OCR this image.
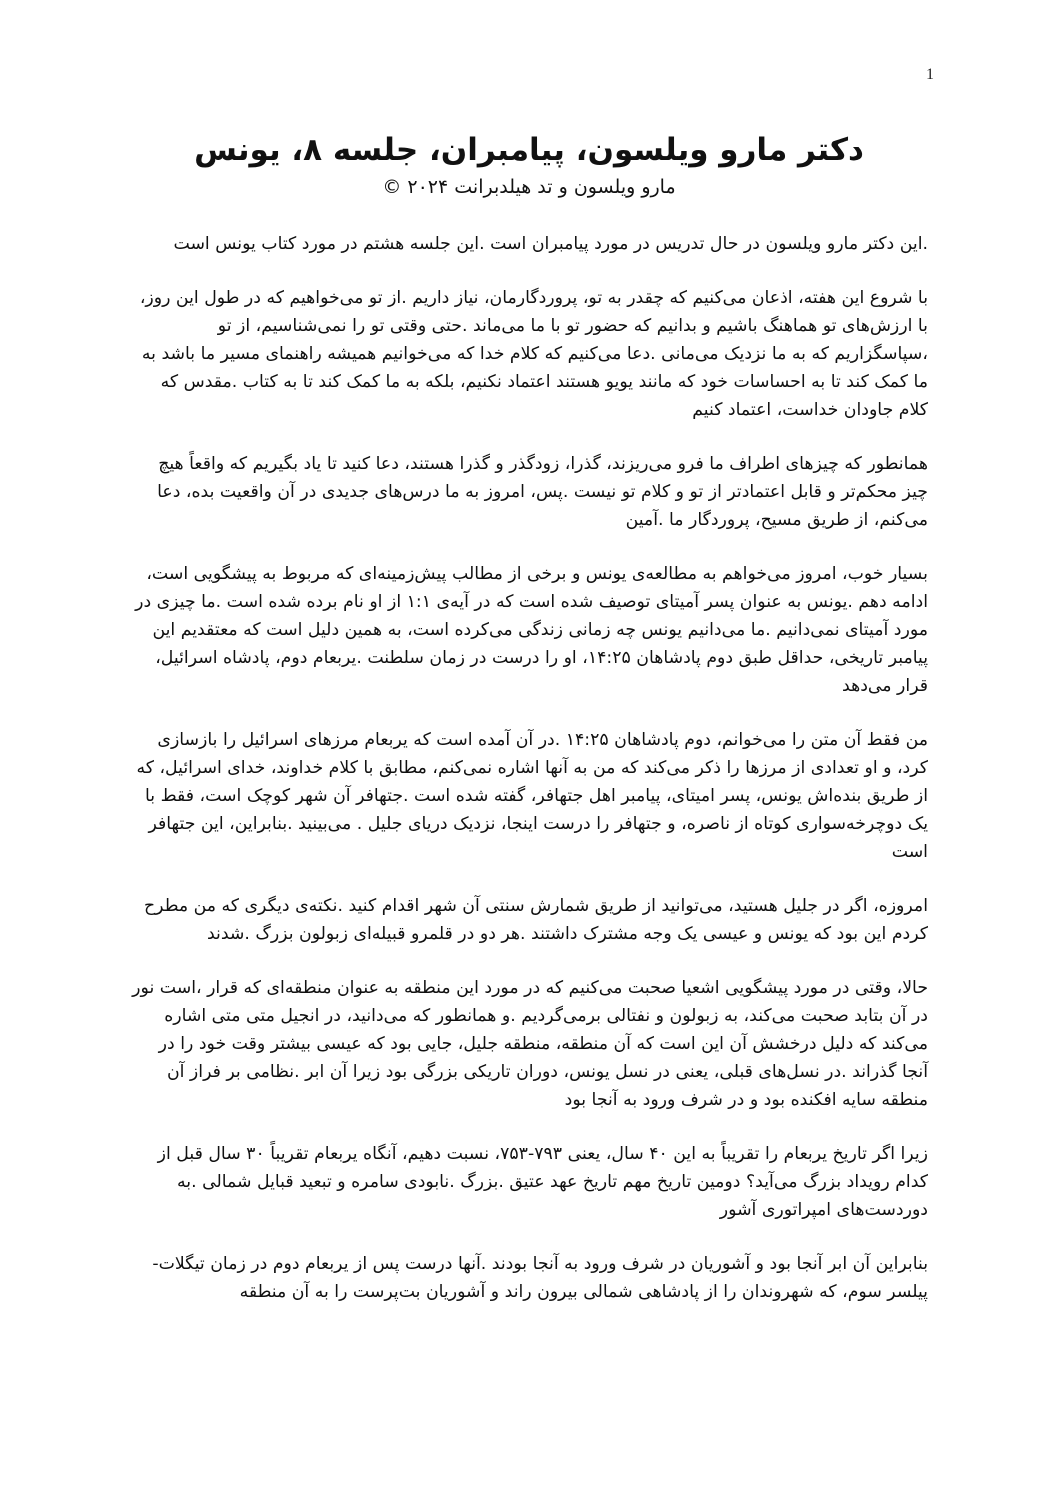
1
دکتر مارو ویلسون، پیامبران، جلسه ۸، یونس

مارو ویلسون و تد هیلدبرانت ۲۰۲۴ ©

.این دکتر مارو ویلسون در حال تدریس در مورد پیامبران است .این جلسه هشتم در مورد کتاب یونس است

با شروع این هفته، اذعان می‌کنیم که چقدر به تو، پروردگارمان، نیاز داریم .از تو می‌خواهیم که در طول این روز، با ارزش‌های تو هماهنگ باشیم و بدانیم که حضور تو با ما می‌ماند .حتی وقتی تو را نمی‌شناسیم، از تو ،سپاسگزاریم که به ما نزدیک می‌مانی .دعا می‌کنیم که کلام خدا که می‌خوانیم همیشه راهنمای مسیر ما باشد به ما کمک کند تا به احساسات خود که مانند یویو هستند اعتماد نکنیم، بلکه به ما کمک کند تا به کتاب .مقدس که کلام جاودان خداست، اعتماد کنیم

همانطور که چیزهای اطراف ما فرو می‌ریزند، گذرا، زودگذر و گذرا هستند، دعا کنید تا یاد بگیریم که واقعاً هیچ چیز محکم‌تر و قابل اعتمادتر از تو و کلام تو نیست .پس، امروز به ما درس‌های جدیدی در آن واقعیت بده، دعا می‌کنم، از طریق مسیح، پروردگار ما .آمین

بسیار خوب، امروز می‌خواهم به مطالعه‌ی یونس و برخی از مطالب پیش‌زمینه‌ای که مربوط به پیشگویی است، ادامه دهم .یونس به عنوان پسر آمیتای توصیف شده است که در آیه‌ی ۱:۱ از او نام برده شده است .ما چیزی در مورد آمیتای نمی‌دانیم .ما می‌دانیم یونس چه زمانی زندگی می‌کرده است، به همین دلیل است که معتقدیم این پیامبر تاریخی، حداقل طبق دوم پادشاهان ۱۴:۲۵، او را درست در زمان سلطنت .یربعام دوم، پادشاه اسرائیل، قرار می‌دهد

من فقط آن متن را می‌خوانم، دوم پادشاهان ۱۴:۲۵ .در آن آمده است که یربعام مرزهای اسرائیل را بازسازی کرد، و او تعدادی از مرزها را ذکر می‌کند که من به آنها اشاره نمی‌کنم، مطابق با کلام خداوند، خدای اسرائیل، که از طریق بنده‌اش یونس، پسر امیتای، پیامبر اهل جتهافر، گفته شده است .جتهافر آن شهر کوچک است، فقط با یک دوچرخه‌سواری کوتاه از ناصره، و جتهافر را درست اینجا، نزدیک دریای جلیل . می‌بینید .بنابراین، این جتهافر است

امروزه، اگر در جلیل هستید، می‌توانید از طریق شمارش سنتی آن شهر اقدام کنید .نکته‌ی دیگری که من مطرح کردم این بود که یونس و عیسی یک وجه مشترک داشتند .هر دو در قلمرو قبیله‌ای زبولون بزرگ .شدند

حالا، وقتی در مورد پیشگویی اشعیا صحبت می‌کنیم که در مورد این منطقه به عنوان منطقه‌ای که قرار ،است نور در آن بتابد صحبت می‌کند، به زبولون و نفتالی برمی‌گردیم .و همانطور که می‌دانید، در انجیل متی متی اشاره می‌کند که دلیل درخشش آن این است که آن منطقه، منطقه جلیل، جایی بود که عیسی بیشتر وقت خود را در آنجا گذراند .در نسل‌های قبلی، یعنی در نسل یونس، دوران تاریکی بزرگی بود زیرا آن ابر .نظامی بر فراز آن منطقه سایه افکنده بود و در شرف ورود به آنجا بود

زیرا اگر تاریخ یربعام را تقریباً به این ۴۰ سال، یعنی ۷۹۳-۷۵۳، نسبت دهیم، آنگاه یربعام تقریباً ۳۰ سال قبل از کدام رویداد بزرگ می‌آید؟ دومین تاریخ مهم تاریخ عهد عتیق .بزرگ .نابودی سامره و تبعید قبایل شمالی .به دوردست‌های امپراتوری آشور

بنابراین آن ابر آنجا بود و آشوریان در شرف ورود به آنجا بودند .آنها درست پس از یربعام دوم در زمان تیگلات-پیلسر سوم، که شهروندان را از پادشاهی شمالی بیرون راند و آشوریان بت‌پرست را به آن منطقه
